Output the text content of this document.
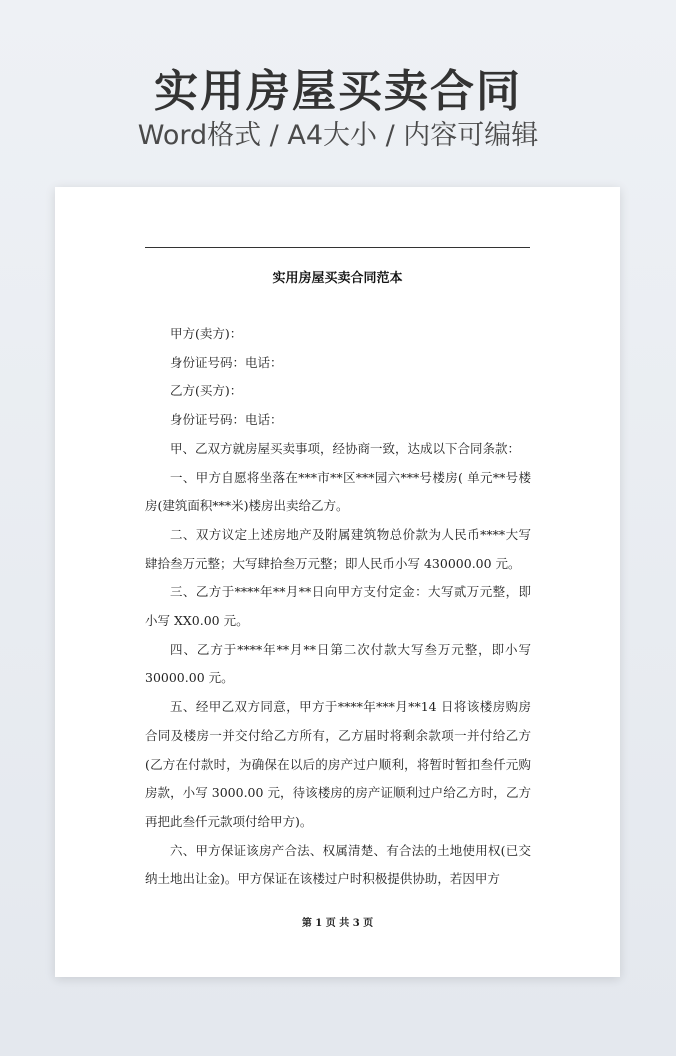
实用房屋买卖合同
Word格式 / A4大小 / 内容可编辑
实用房屋买卖合同范本

甲方(卖方)：

身份证号码：电话：

乙方(买方)：

身份证号码：电话：

甲、乙双方就房屋买卖事项，经协商一致，达成以下合同条款：

一、甲方自愿将坐落在***市**区***园六***号楼房( 单元**号楼房(建筑面积***米)楼房出卖给乙方。

二、双方议定上述房地产及附属建筑物总价款为人民币****大写肆拾叁万元整；大写肆拾叁万元整；即人民币小写 430000.00 元。

三、乙方于****年**月**日向甲方支付定金：大写贰万元整，即小写 XX0.00 元。

四、乙方于****年**月**日第二次付款大写叁万元整，即小写30000.00 元。

五、经甲乙双方同意，甲方于****年***月**14 日将该楼房购房合同及楼房一并交付给乙方所有，乙方届时将剩余款项一并付给乙方(乙方在付款时，为确保在以后的房产过户顺利，将暂时暂扣叁仟元购房款，小写 3000.00 元，待该楼房的房产证顺利过户给乙方时，乙方再把此叁仟元款项付给甲方)。

六、甲方保证该房产合法、权属清楚、有合法的土地使用权(已交纳土地出让金)。甲方保证在该楼过户时积极提供协助，若因甲方

第 1 页 共 3 页
